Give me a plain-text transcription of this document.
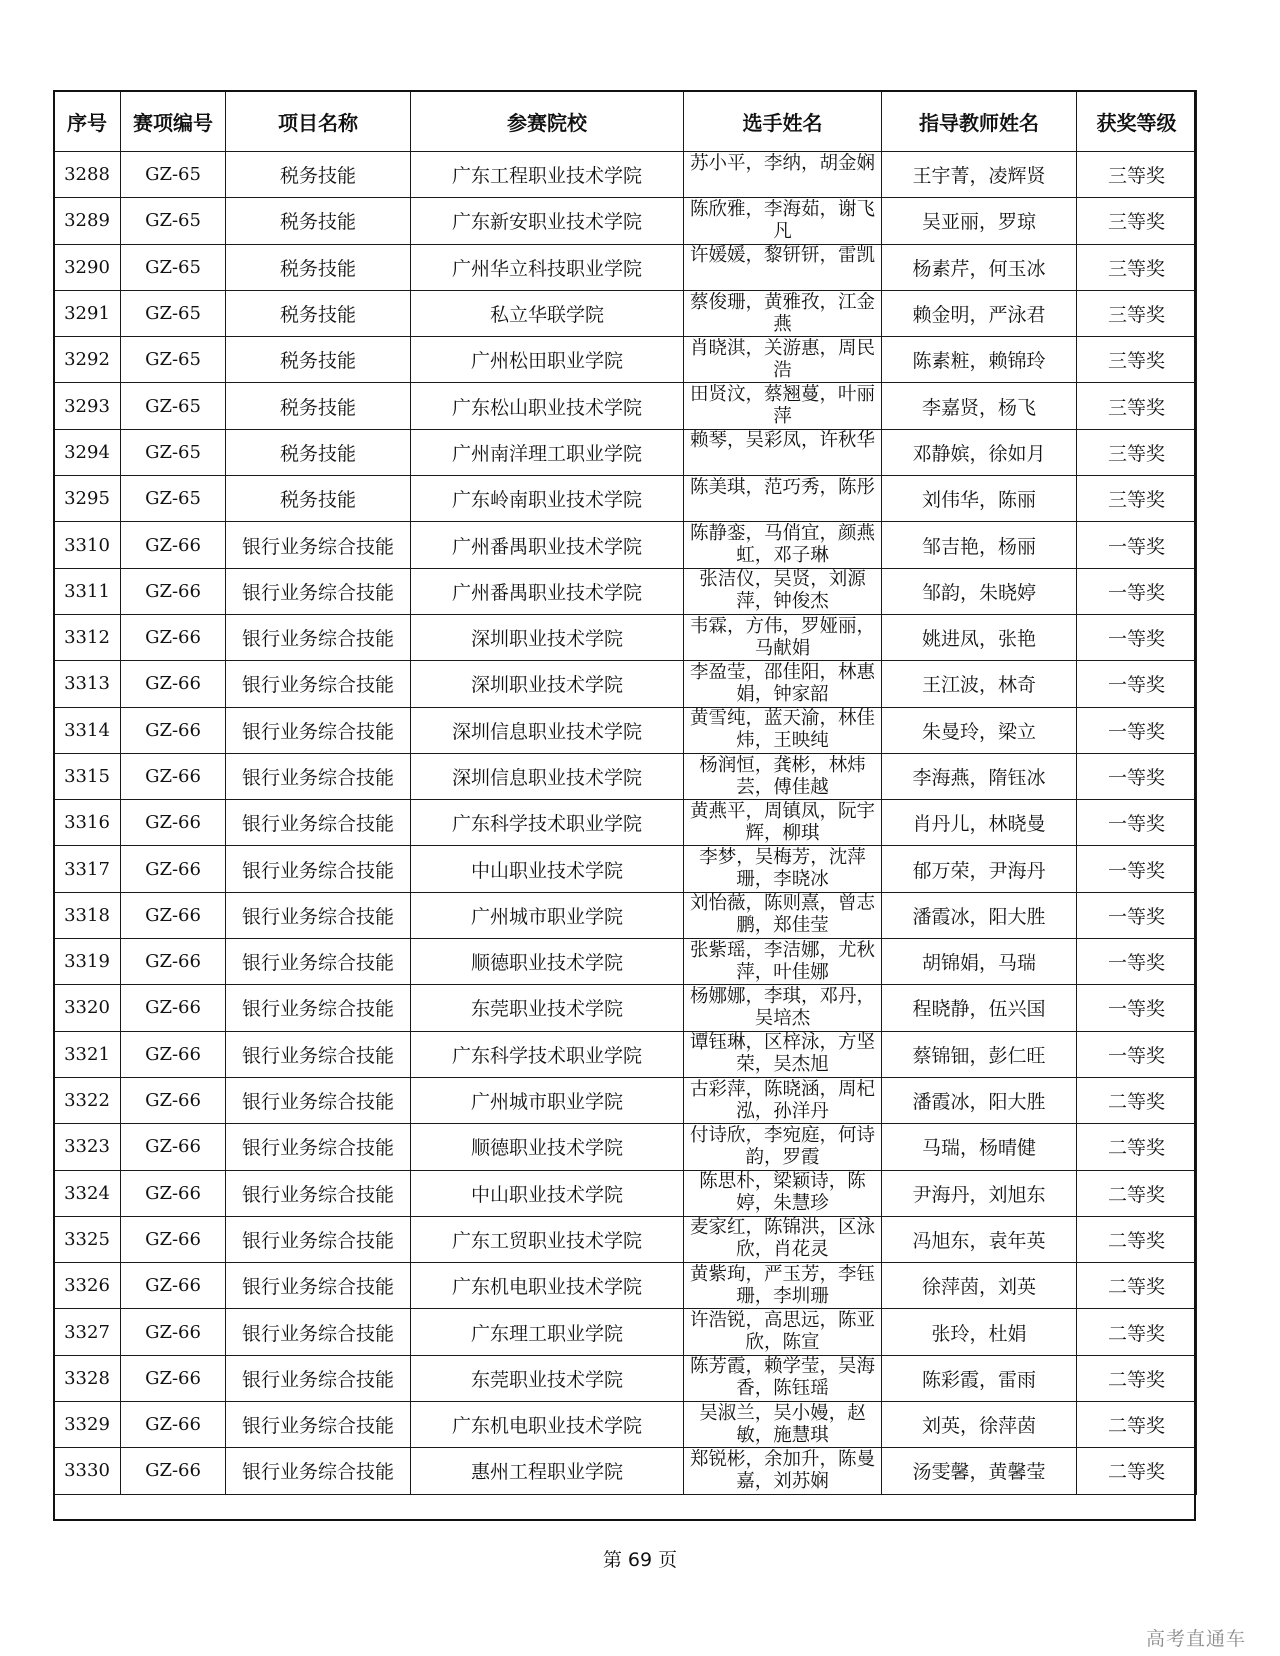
序号	赛项编号	项目名称	参赛院校	选手姓名	指导教师姓名	获奖等级
3288	GZ-65	税务技能	广东工程职业技术学院	苏小平，李纳，胡金娴	王宇菁，凌辉贤	三等奖
3289	GZ-65	税务技能	广东新安职业技术学院	陈欣雅，李海茹，谢飞凡	吴亚丽，罗琼	三等奖
3290	GZ-65	税务技能	广州华立科技职业学院	许媛媛，黎钘钘，雷凯	杨素芹，何玉冰	三等奖
3291	GZ-65	税务技能	私立华联学院	蔡俊珊，黄雅孜，江金燕	赖金明，严泳君	三等奖
3292	GZ-65	税务技能	广州松田职业学院	肖晓淇，关游惠，周民浩	陈素粧，赖锦玲	三等奖
3293	GZ-65	税务技能	广东松山职业技术学院	田贤汶，蔡翘蔓，叶丽萍	李嘉贤，杨飞	三等奖
3294	GZ-65	税务技能	广州南洋理工职业学院	赖琴，吴彩凤，许秋华	邓静嫔，徐如月	三等奖
3295	GZ-65	税务技能	广东岭南职业技术学院	陈美琪，范巧秀，陈彤	刘伟华，陈丽	三等奖
3310	GZ-66	银行业务综合技能	广州番禺职业技术学院	陈静銮，马俏宜，颜燕虹，邓子琳	邹吉艳，杨丽	一等奖
3311	GZ-66	银行业务综合技能	广州番禺职业技术学院	张洁仪，吴贤，刘源萍，钟俊杰	邹韵，朱晓婷	一等奖
3312	GZ-66	银行业务综合技能	深圳职业技术学院	韦霖，方伟，罗娅丽，马献娟	姚进凤，张艳	一等奖
3313	GZ-66	银行业务综合技能	深圳职业技术学院	李盈莹，邵佳阳，林惠娟，钟家韶	王江波，林奇	一等奖
3314	GZ-66	银行业务综合技能	深圳信息职业技术学院	黄雪纯，蓝天渝，林佳炜，王映纯	朱曼玲，梁立	一等奖
3315	GZ-66	银行业务综合技能	深圳信息职业技术学院	杨润恒，龚彬，林炜芸，傅佳越	李海燕，隋钰冰	一等奖
3316	GZ-66	银行业务综合技能	广东科学技术职业学院	黄燕平，周镇凤，阮宇辉，柳琪	肖丹儿，林晓曼	一等奖
3317	GZ-66	银行业务综合技能	中山职业技术学院	李梦，吴梅芳，沈萍珊，李晓冰	郁万荣，尹海丹	一等奖
3318	GZ-66	银行业务综合技能	广州城市职业学院	刘怡薇，陈则熹，曾志鹏，郑佳莹	潘霞冰，阳大胜	一等奖
3319	GZ-66	银行业务综合技能	顺德职业技术学院	张紫瑶，李洁娜，尤秋萍，叶佳娜	胡锦娟，马瑞	一等奖
3320	GZ-66	银行业务综合技能	东莞职业技术学院	杨娜娜，李琪，邓丹，吴培杰	程晓静，伍兴国	一等奖
3321	GZ-66	银行业务综合技能	广东科学技术职业学院	谭钰琳，区梓泳，方坚荣，吴杰旭	蔡锦钿，彭仁旺	一等奖
3322	GZ-66	银行业务综合技能	广州城市职业学院	古彩萍，陈晓涵，周杞泓，孙洋丹	潘霞冰，阳大胜	二等奖
3323	GZ-66	银行业务综合技能	顺德职业技术学院	付诗欣，李宛庭，何诗韵，罗霞	马瑞，杨晴健	二等奖
3324	GZ-66	银行业务综合技能	中山职业技术学院	陈思朴，梁颖诗，陈婷，朱慧珍	尹海丹，刘旭东	二等奖
3325	GZ-66	银行业务综合技能	广东工贸职业技术学院	麦家红，陈锦洪，区泳欣，肖花灵	冯旭东，袁年英	二等奖
3326	GZ-66	银行业务综合技能	广东机电职业技术学院	黄紫珣，严玉芳，李钰珊，李圳珊	徐萍茵，刘英	二等奖
3327	GZ-66	银行业务综合技能	广东理工职业学院	许浩锐，高思远，陈亚欣，陈宣	张玲，杜娟	二等奖
3328	GZ-66	银行业务综合技能	东莞职业技术学院	陈芳霞，赖学莹，吴海香，陈钰瑶	陈彩霞，雷雨	二等奖
3329	GZ-66	银行业务综合技能	广东机电职业技术学院	吴淑兰，吴小嫚，赵敏，施慧琪	刘英，徐萍茵	二等奖
3330	GZ-66	银行业务综合技能	惠州工程职业学院	郑锐彬，余加升，陈曼嘉，刘苏娴	汤雯馨，黄馨莹	二等奖
第 69 页
高考直通车
